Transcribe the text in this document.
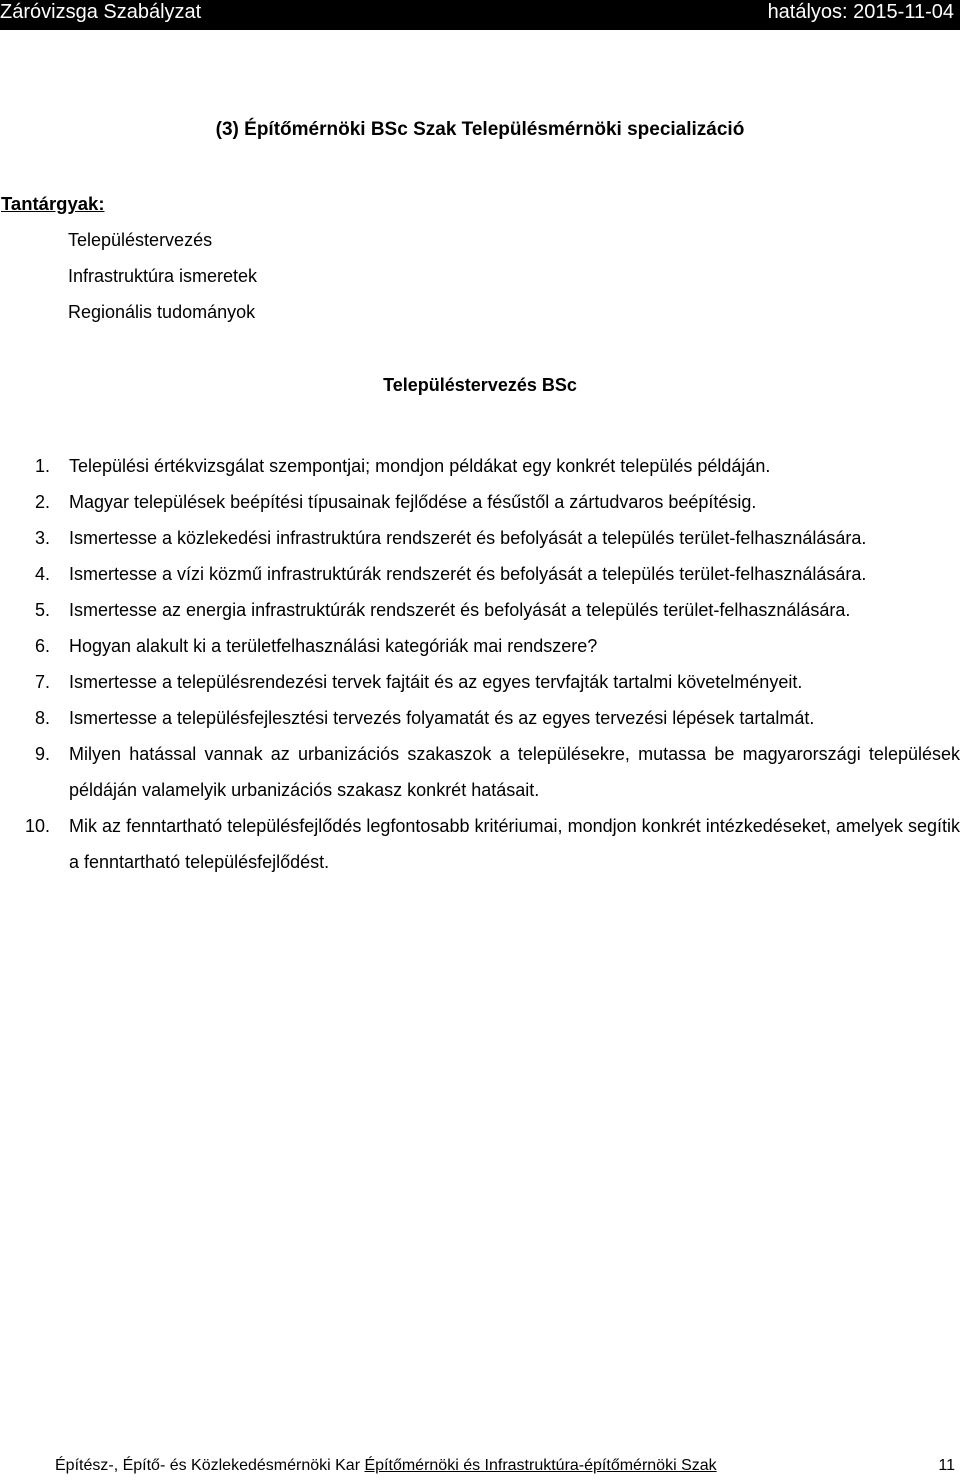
Záróvizsga Szabályzat	hatályos: 2015-11-04
(3) Építőmérnöki BSc Szak Településmérnöki specializáció
Tantárgyak:
Településtervezés
Infrastruktúra ismeretek
Regionális tudományok
Településtervezés BSc
1. Települési értékvizsgálat szempontjai; mondjon példákat egy konkrét település példáján.
2. Magyar települések beépítési típusainak fejlődése a fésűstől a zártudvaros beépítésig.
3. Ismertesse a közlekedési infrastruktúra rendszerét és befolyását a település terület-felhasználására.
4. Ismertesse a vízi közmű infrastruktúrák rendszerét és befolyását a település terület-felhasználására.
5. Ismertesse az energia infrastruktúrák rendszerét és befolyását a település terület-felhasználására.
6. Hogyan alakult ki a területfelhasználási kategóriák mai rendszere?
7. Ismertesse a településrendezési tervek fajtáit és az egyes tervfajták tartalmi követelményeit.
8. Ismertesse a településfejlesztési tervezés folyamatát és az egyes tervezési lépések tartalmát.
9. Milyen hatással vannak az urbanizációs szakaszok a településekre, mutassa be magyarországi települések példáján valamelyik urbanizációs szakasz konkrét hatásait.
10. Mik az fenntartható településfejlődés legfontosabb kritériumai, mondjon konkrét intézkedéseket, amelyek segítik a fenntartható településfejlődést.
Építész-, Építő- és Közlekedésmérnöki Kar Építőmérnöki és Infrastruktúra-építőmérnöki Szak	11
